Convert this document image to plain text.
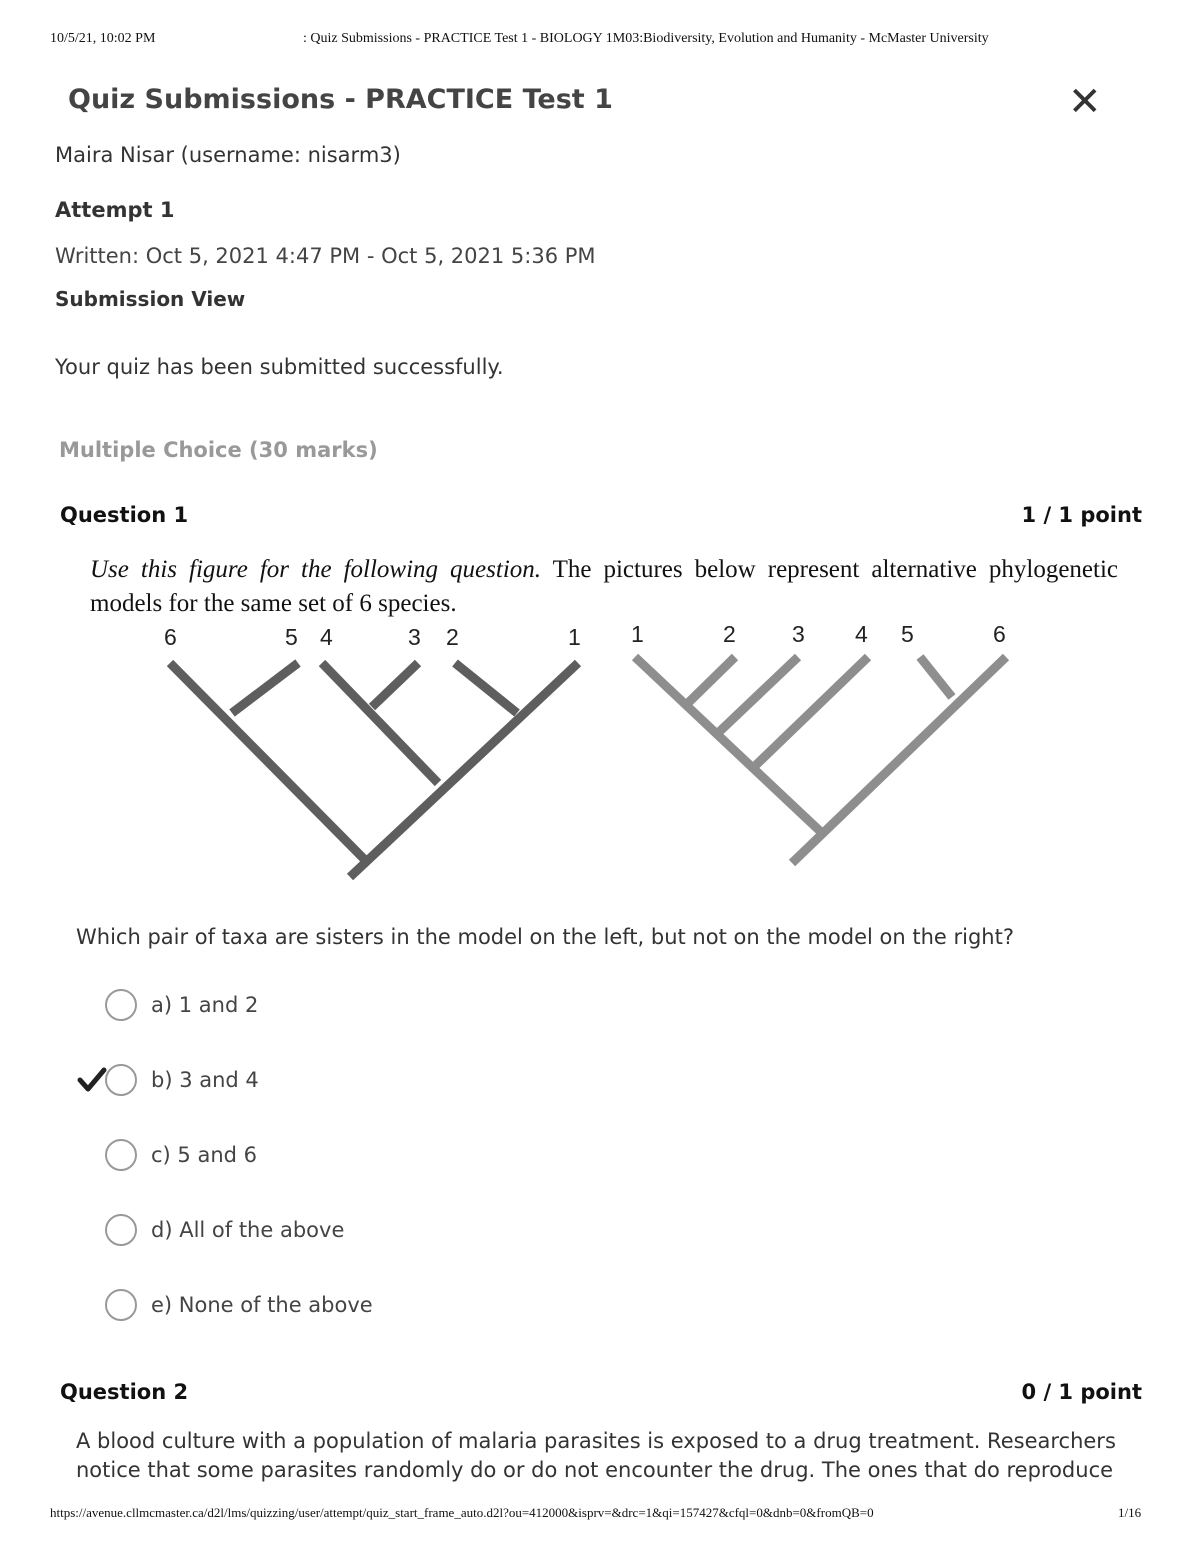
10/5/21, 10:02 PM	: Quiz Submissions - PRACTICE Test 1 - BIOLOGY 1M03:Biodiversity, Evolution and Humanity - McMaster University
Quiz Submissions - PRACTICE Test 1	✕
Maira Nisar (username: nisarm3)
Attempt 1
Written: Oct 5, 2021 4:47 PM - Oct 5, 2021 5:36 PM
Submission View
Your quiz has been submitted successfully.
Multiple Choice (30 marks)
Question 1	1 / 1 point
Use this figure for the following question. The pictures below represent alternative phylogenetic models for the same set of 6 species.
6	5 4	3 2	1 1	2 3 4 5	6
Which pair of taxa are sisters in the model on the left, but not on the model on the right?
a) 1 and 2
b) 3 and 4
c) 5 and 6
d) All of the above
e) None of the above
Question 2	0 / 1 point
A blood culture with a population of malaria parasites is exposed to a drug treatment. Researchers notice that some parasites randomly do or do not encounter the drug. The ones that do reproduce
https://avenue.cllmcmaster.ca/d2l/lms/quizzing/user/attempt/quiz_start_frame_auto.d2l?ou=412000&isprv=&drc=1&qi=157427&cfql=0&dnb=0&fromQB=0	1/16
